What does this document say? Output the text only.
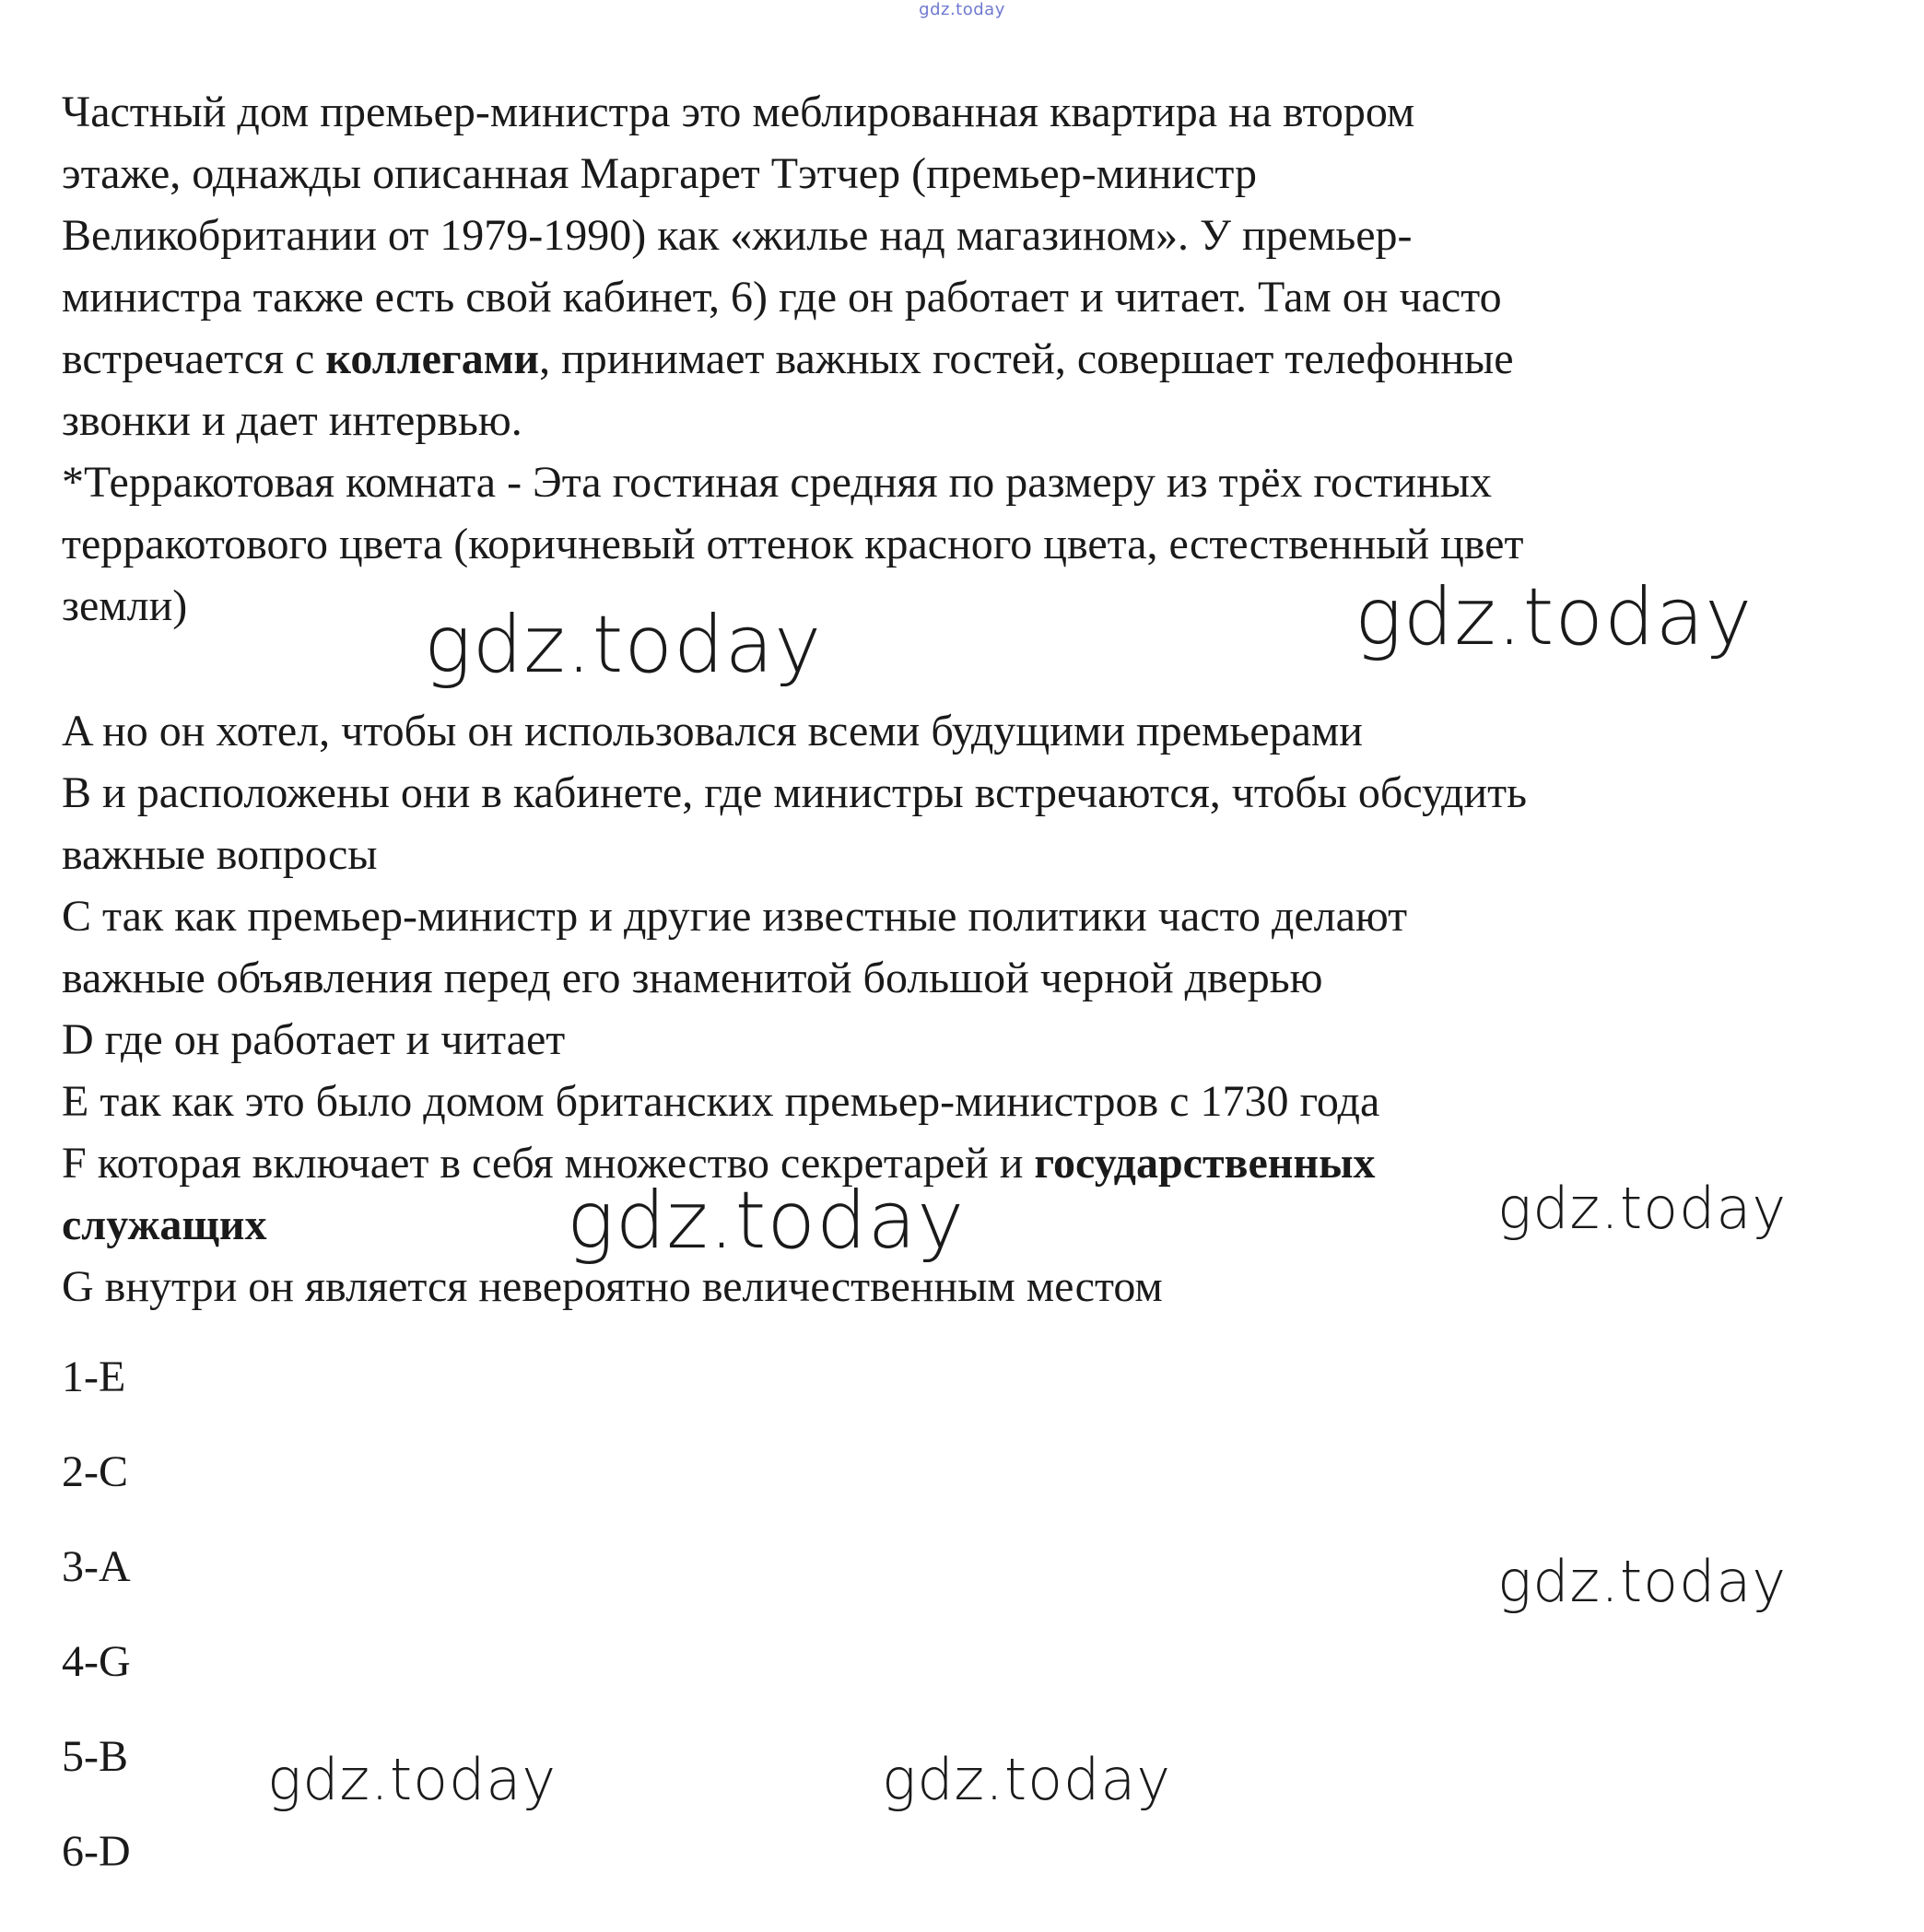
gdz.today
Частный дом премьер-министра это меблированная квартира на втором
этаже, однажды описанная Маргарет Тэтчер (премьер-министр
Великобритании от 1979-1990) как «жилье над магазином». У премьер-
министра также есть свой кабинет, 6) где он работает и читает. Там он часто
встречается с коллегами, принимает важных гостей, совершает телефонные
звонки и дает интервью.
*Терракотовая комната - Эта гостиная средняя по размеру из трёх гостиных
терракотового цвета (коричневый оттенок красного цвета, естественный цвет
земли)
A но он хотел, чтобы он использовался всеми будущими премьерами
B и расположены они в кабинете, где министры встречаются, чтобы обсудить
важные вопросы
C так как премьер-министр и другие известные политики часто делают
важные объявления перед его знаменитой большой черной дверью
D где он работает и читает
E так как это было домом британских премьер-министров с 1730 года
F которая включает в себя множество секретарей и государственных
служащих
G внутри он является невероятно величественным местом
1-E
2-C
3-A
4-G
5-B
6-D
gdz.today	gdz.today
gdz.today	gdz.today
gdz.today
gdz.today	gdz.today
